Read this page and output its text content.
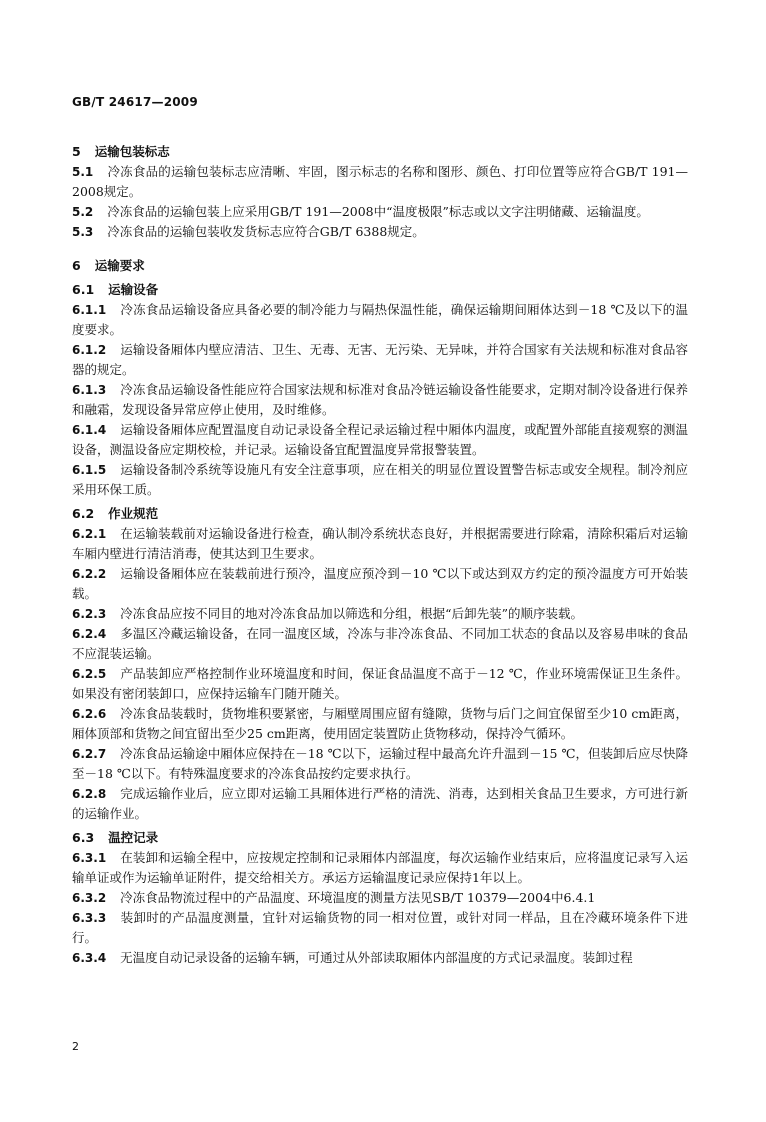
GB/T 24617—2009
5 运输包装标志
5.1 冷冻食品的运输包装标志应清晰、牢固，图示标志的名称和图形、颜色、打印位置等应符合GB/T 191—2008规定。
5.2 冷冻食品的运输包装上应采用GB/T 191—2008中“温度极限”标志或以文字注明储藏、运输温度。
5.3 冷冻食品的运输包装收发货标志应符合GB/T 6388规定。
6 运输要求
6.1 运输设备
6.1.1 冷冻食品运输设备应具备必要的制冷能力与隔热保温性能，确保运输期间厢体达到－18 ℃及以下的温度要求。
6.1.2 运输设备厢体内壁应清洁、卫生、无毒、无害、无污染、无异味，并符合国家有关法规和标准对食品容器的规定。
6.1.3 冷冻食品运输设备性能应符合国家法规和标准对食品冷链运输设备性能要求，定期对制冷设备进行保养和融霜，发现设备异常应停止使用，及时维修。
6.1.4 运输设备厢体应配置温度自动记录设备全程记录运输过程中厢体内温度，或配置外部能直接观察的测温设备，测温设备应定期校检，并记录。运输设备宜配置温度异常报警装置。
6.1.5 运输设备制冷系统等设施凡有安全注意事项，应在相关的明显位置设置警告标志或安全规程。制冷剂应采用环保工质。
6.2 作业规范
6.2.1 在运输装载前对运输设备进行检查，确认制冷系统状态良好，并根据需要进行除霜，清除积霜后对运输车厢内壁进行清洁消毒，使其达到卫生要求。
6.2.2 运输设备厢体应在装载前进行预冷，温度应预冷到－10 ℃以下或达到双方约定的预冷温度方可开始装载。
6.2.3 冷冻食品应按不同目的地对冷冻食品加以筛选和分组，根据“后卸先装”的顺序装载。
6.2.4 多温区冷藏运输设备，在同一温度区域，冷冻与非冷冻食品、不同加工状态的食品以及容易串味的食品不应混装运输。
6.2.5 产品装卸应严格控制作业环境温度和时间，保证食品温度不高于－12 ℃，作业环境需保证卫生条件。如果没有密闭装卸口，应保持运输车门随开随关。
6.2.6 冷冻食品装载时，货物堆积要紧密，与厢壁周围应留有缝隙，货物与后门之间宜保留至少10 cm距离，厢体顶部和货物之间宜留出至少25 cm距离，使用固定装置防止货物移动，保持冷气循环。
6.2.7 冷冻食品运输途中厢体应保持在－18 ℃以下，运输过程中最高允许升温到－15 ℃，但装卸后应尽快降至－18 ℃以下。有特殊温度要求的冷冻食品按约定要求执行。
6.2.8 完成运输作业后，应立即对运输工具厢体进行严格的清洗、消毒，达到相关食品卫生要求，方可进行新的运输作业。
6.3 温控记录
6.3.1 在装卸和运输全程中，应按规定控制和记录厢体内部温度，每次运输作业结束后，应将温度记录写入运输单证或作为运输单证附件，提交给相关方。承运方运输温度记录应保持1年以上。
6.3.2 冷冻食品物流过程中的产品温度、环境温度的测量方法见SB/T 10379—2004中6.4.1
6.3.3 装卸时的产品温度测量，宜针对运输货物的同一相对位置，或针对同一样品，且在冷藏环境条件下进行。
6.3.4 无温度自动记录设备的运输车辆，可通过从外部读取厢体内部温度的方式记录温度。装卸过程
2
